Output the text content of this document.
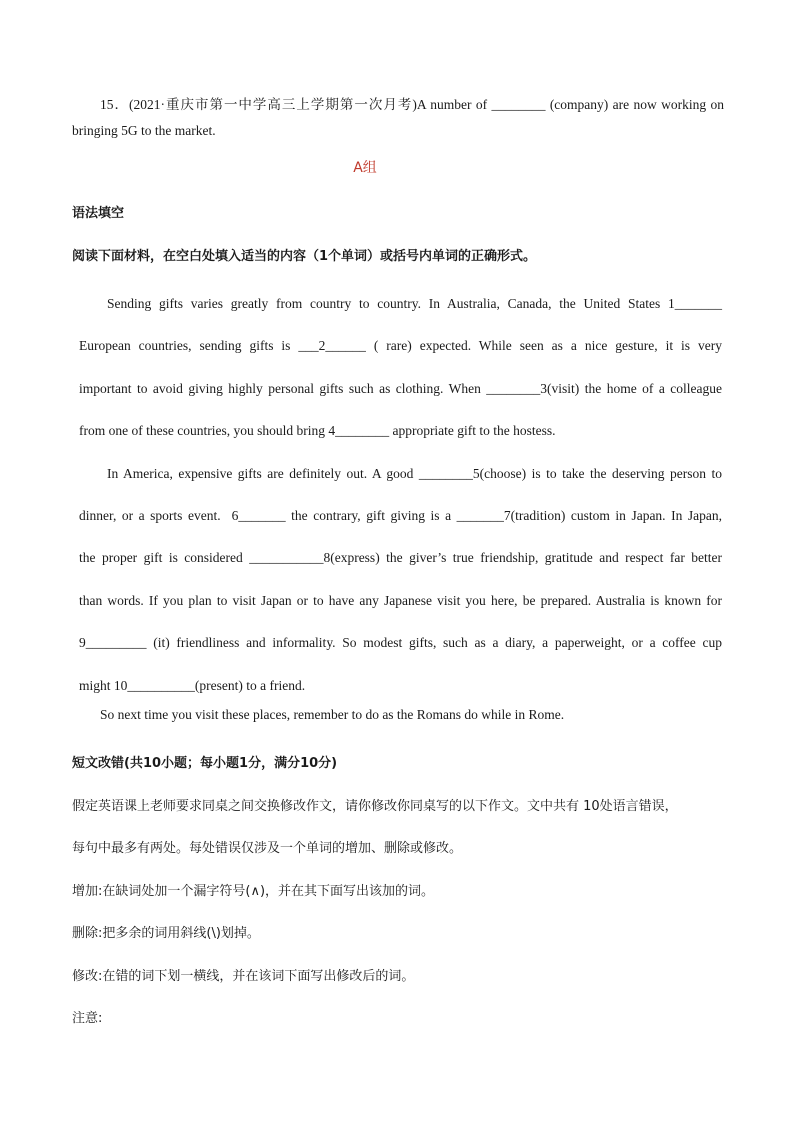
15．(2021·重庆市第一中学高三上学期第一次月考)A number of ________ (company) are now working on bringing 5G to the market.
A组
语法填空
阅读下面材料，在空白处填入适当的内容（1个单词）或括号内单词的正确形式。
Sending gifts varies greatly from country to country. In Australia, Canada, the United States 1_______
European countries, sending gifts is ___2______ ( rare) expected. While seen as a nice gesture, it is very
important to avoid giving highly personal gifts such as clothing. When ________3(visit) the home of a colleague
from one of these countries, you should bring 4________ appropriate gift to the hostess.
In America, expensive gifts are definitely out. A good ________5(choose) is to take the deserving person to
dinner, or a sports event.  6_______ the contrary, gift giving is a _______7(tradition) custom in Japan. In Japan,
the proper gift is considered ___________8(express) the giver’s true friendship, gratitude and respect far better
than words. If you plan to visit Japan or to have any Japanese visit you here, be prepared. Australia is known for
9_________ (it) friendliness and informality. So modest gifts, such as a diary, a paperweight, or a coffee cup
might 10__________(present) to a friend.
So next time you visit these places, remember to do as the Romans do while in Rome.
短文改错(共10小题；每小题1分，满分10分)
假定英语课上老师要求同桌之间交换修改作文，请你修改你同桌写的以下作文。文中共有 10处语言错误，
每句中最多有两处。每处错误仅涉及一个单词的增加、删除或修改。
增加:在缺词处加一个漏字符号(∧)，并在其下面写出该加的词。
删除:把多余的词用斜线(\)划掉。
修改:在错的词下划一横线，并在该词下面写出修改后的词。
注意:
